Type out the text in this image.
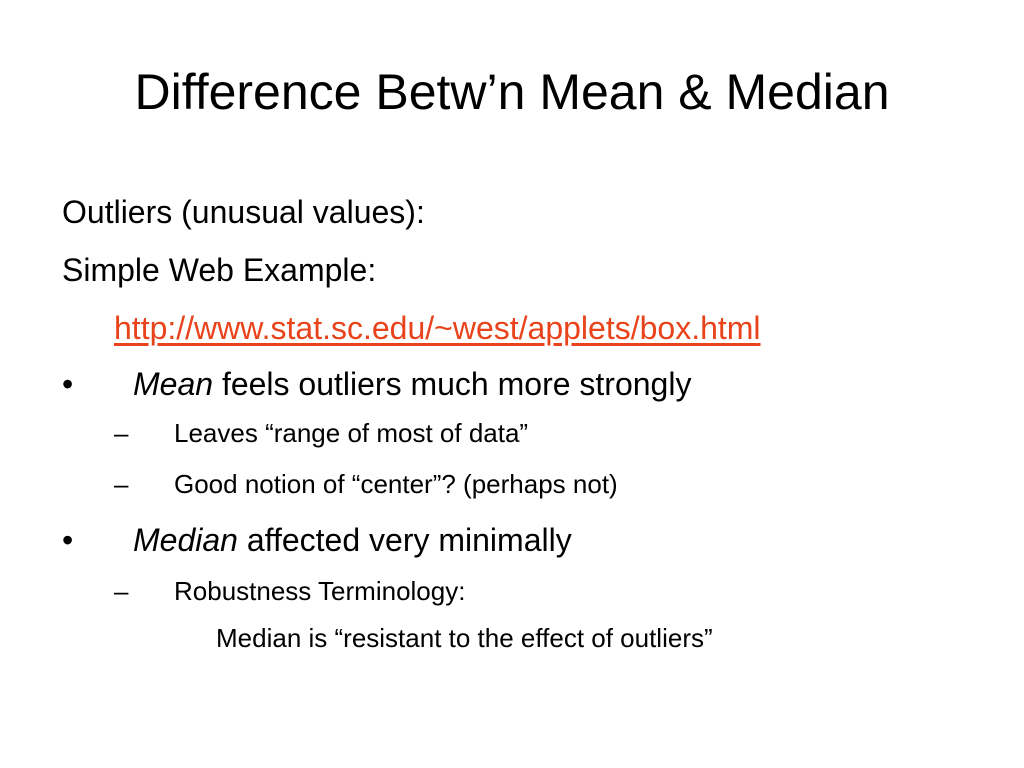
Difference Betw’n Mean & Median
Outliers (unusual values):
Simple Web Example:
http://www.stat.sc.edu/~west/applets/box.html
• Mean feels outliers much more strongly
– Leaves “range of most of data”
– Good notion of “center”? (perhaps not)
• Median affected very minimally
– Robustness Terminology:
Median is “resistant to the effect of outliers”
